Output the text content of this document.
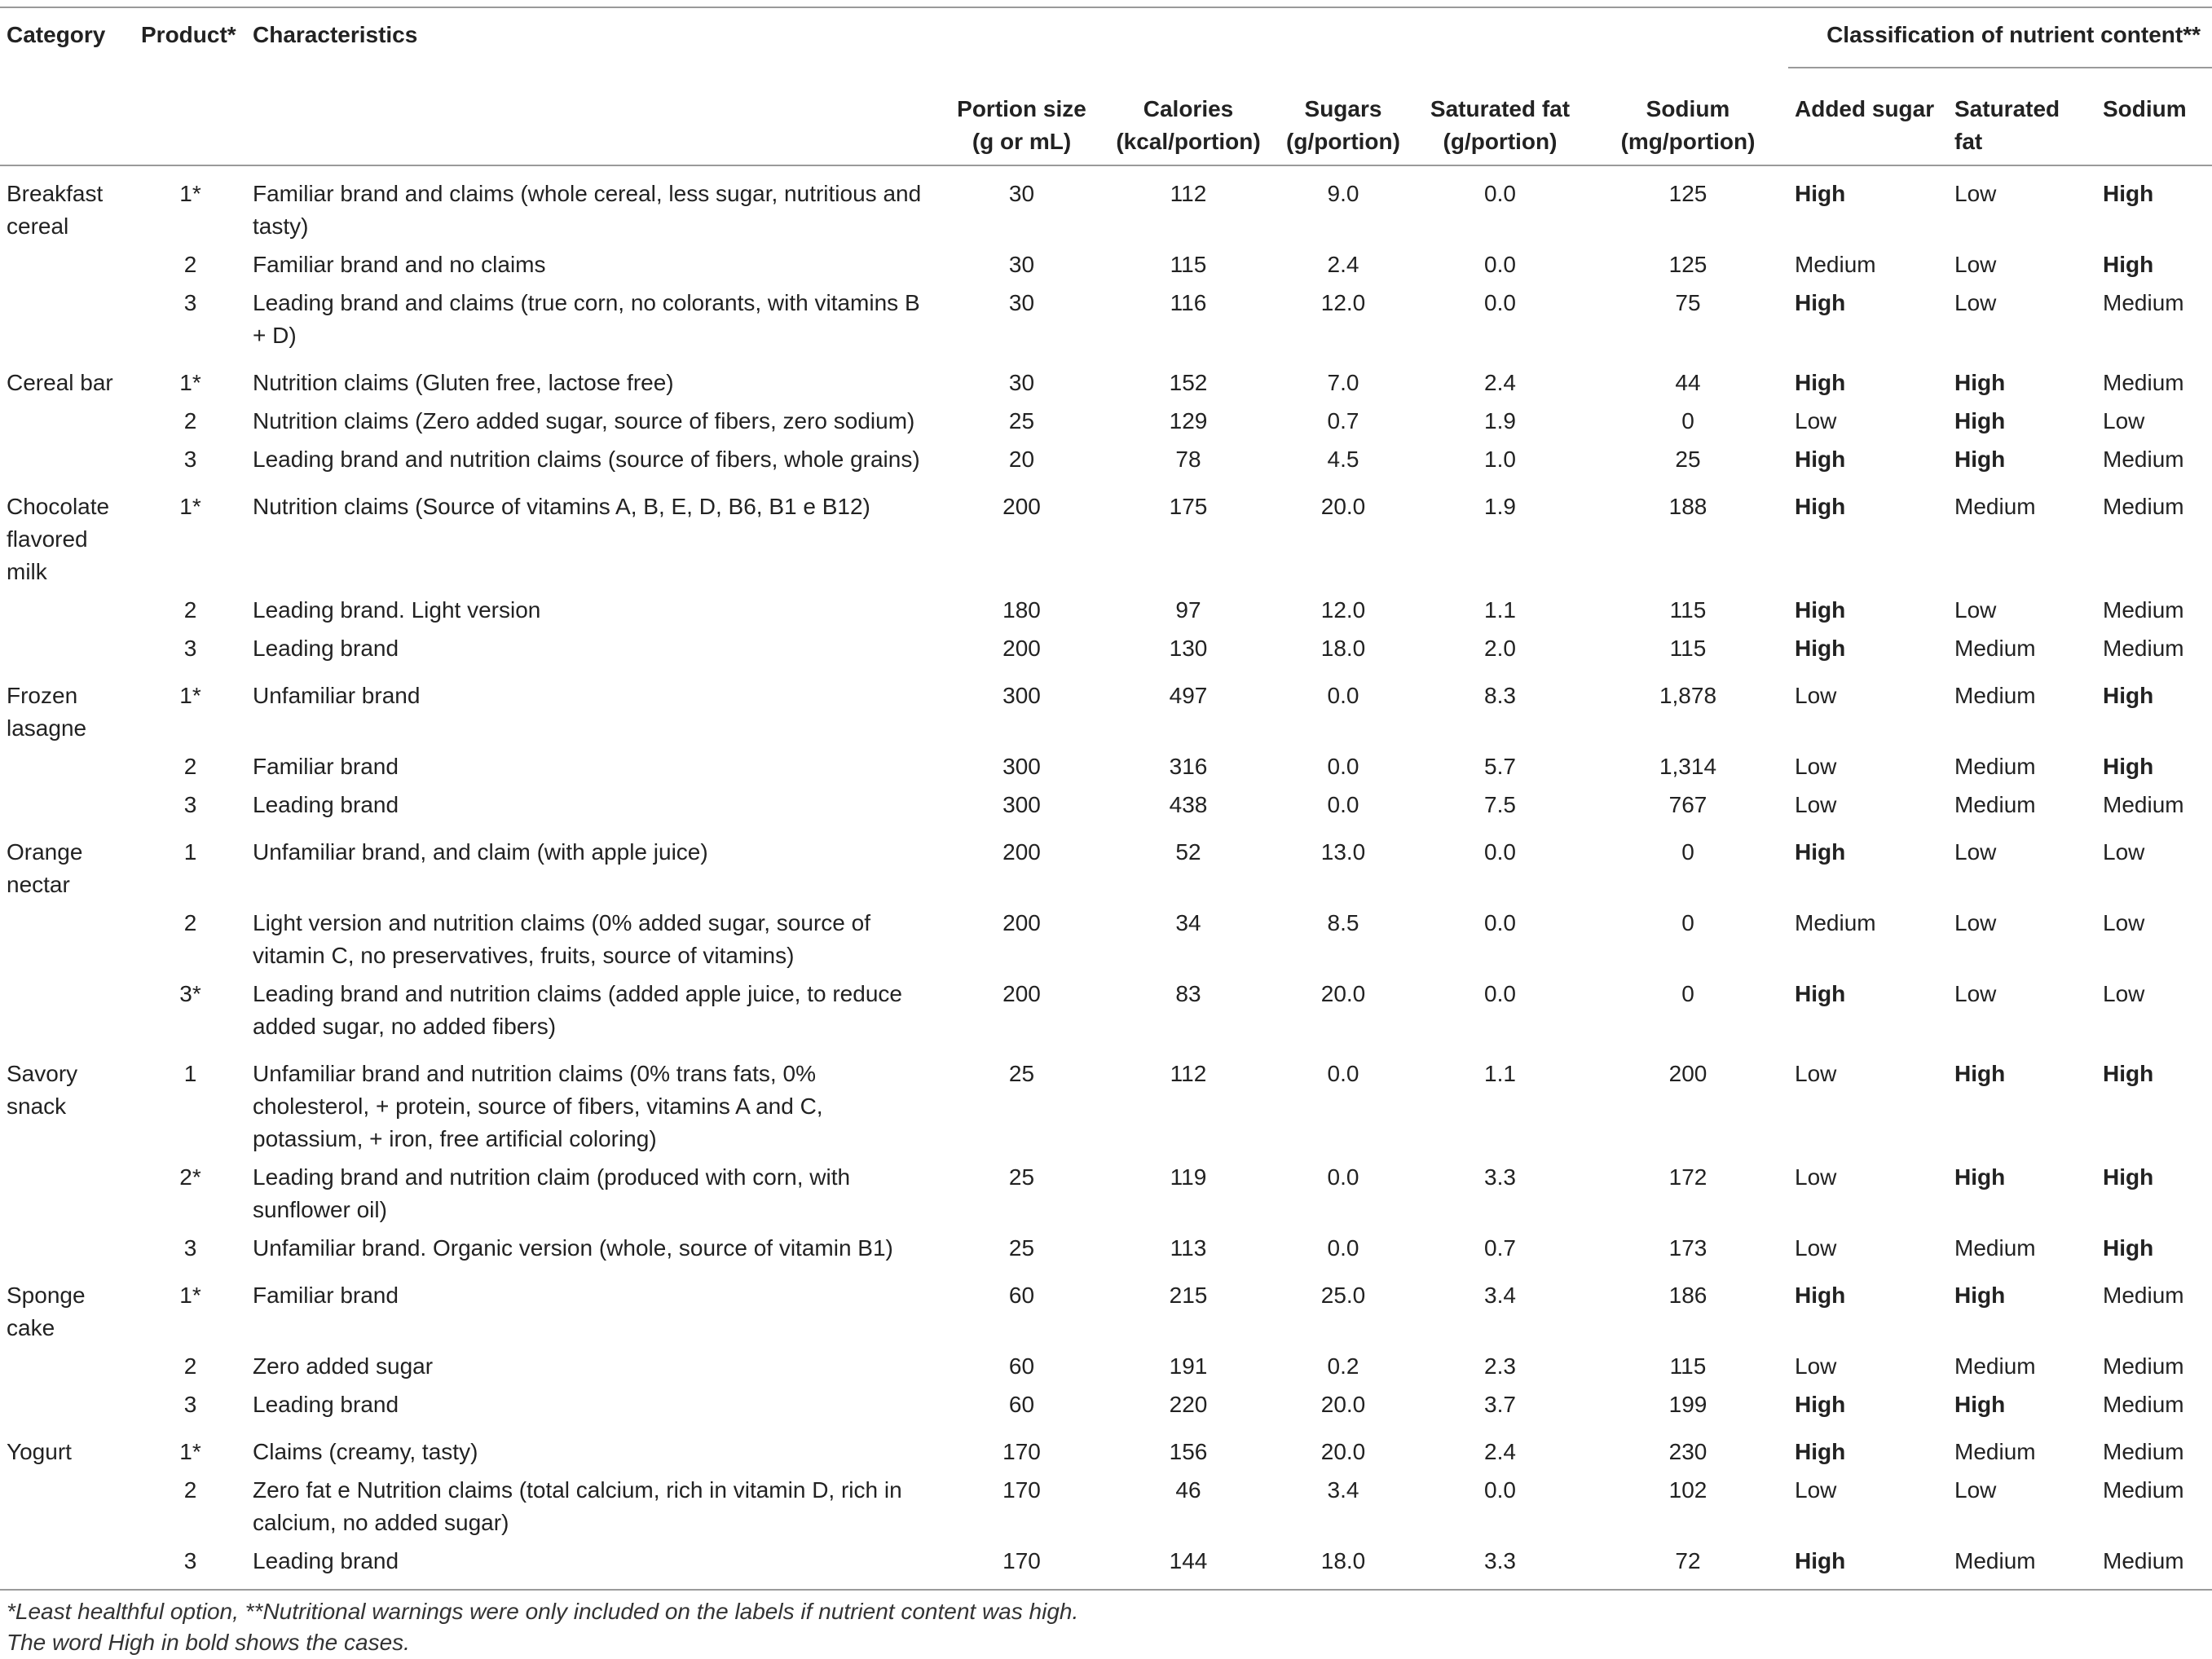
Category	Product*	Characteristics						Classification of nutrient content**		
			Portion size (g or mL)	Calories (kcal/portion)	Sugars (g/portion)	Saturated fat (g/portion)	Sodium (mg/portion)	Added sugar	Saturated fat	Sodium
Breakfast cereal	1*	Familiar brand and claims (whole cereal, less sugar, nutritious and tasty)	30	112	9.0	0.0	125	High	Low	High
	2	Familiar brand and no claims	30	115	2.4	0.0	125	Medium	Low	High
	3	Leading brand and claims (true corn, no colorants, with vitamins B + D)	30	116	12.0	0.0	75	High	Low	Medium
Cereal bar	1*	Nutrition claims (Gluten free, lactose free)	30	152	7.0	2.4	44	High	High	Medium
	2	Nutrition claims (Zero added sugar, source of fibers, zero sodium)	25	129	0.7	1.9	0	Low	High	Low
	3	Leading brand and nutrition claims (source of fibers, whole grains)	20	78	4.5	1.0	25	High	High	Medium
Chocolate flavored milk	1*	Nutrition claims (Source of vitamins A, B, E, D, B6, B1 e B12)	200	175	20.0	1.9	188	High	Medium	Medium
	2	Leading brand. Light version	180	97	12.0	1.1	115	High	Low	Medium
	3	Leading brand	200	130	18.0	2.0	115	High	Medium	Medium
Frozen lasagne	1*	Unfamiliar brand	300	497	0.0	8.3	1,878	Low	Medium	High
	2	Familiar brand	300	316	0.0	5.7	1,314	Low	Medium	High
	3	Leading brand	300	438	0.0	7.5	767	Low	Medium	Medium
Orange nectar	1	Unfamiliar brand, and claim (with apple juice)	200	52	13.0	0.0	0	High	Low	Low
	2	Light version and nutrition claims (0% added sugar, source of vitamin C, no preservatives, fruits, source of vitamins)	200	34	8.5	0.0	0	Medium	Low	Low
	3*	Leading brand and nutrition claims (added apple juice, to reduce added sugar, no added fibers)	200	83	20.0	0.0	0	High	Low	Low
Savory snack	1	Unfamiliar brand and nutrition claims (0% trans fats, 0% cholesterol, + protein, source of fibers, vitamins A and C, potassium, + iron, free artificial coloring)	25	112	0.0	1.1	200	Low	High	High
	2*	Leading brand and nutrition claim (produced with corn, with sunflower oil)	25	119	0.0	3.3	172	Low	High	High
	3	Unfamiliar brand. Organic version (whole, source of vitamin B1)	25	113	0.0	0.7	173	Low	Medium	High
Sponge cake	1*	Familiar brand	60	215	25.0	3.4	186	High	High	Medium
	2	Zero added sugar	60	191	0.2	2.3	115	Low	Medium	Medium
	3	Leading brand	60	220	20.0	3.7	199	High	High	Medium
Yogurt	1*	Claims (creamy, tasty)	170	156	20.0	2.4	230	High	Medium	Medium
	2	Zero fat e Nutrition claims (total calcium, rich in vitamin D, rich in calcium, no added sugar)	170	46	3.4	0.0	102	Low	Low	Medium
	3	Leading brand	170	144	18.0	3.3	72	High	Medium	Medium
*Least healthful option, **Nutritional warnings were only included on the labels if nutrient content was high.
The word High in bold shows the cases.
